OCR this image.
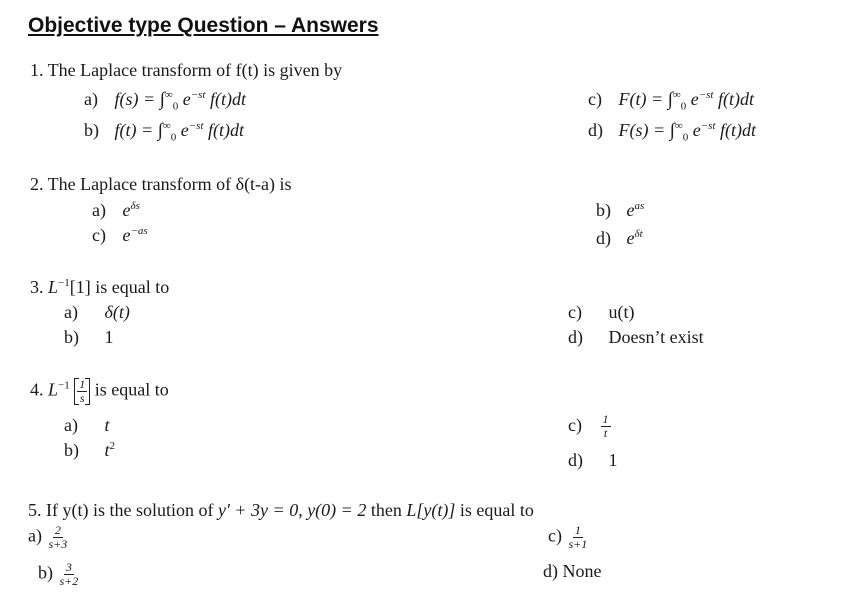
Objective type Question – Answers
1. The Laplace transform of f(t) is given by
a) $f(s) = \int^\infty_0$ $e^{-st}$ f(t)dt
b) $f(t) = \int^\infty_0$ $e^{-st}$ f(t)dt
c) $F(t) = \int^\infty_0$ $e^{-st}$ f(t)dt
d) $F(s) = \int^\infty_0$ $e^{-st}$ f(t)dt
2. The Laplace transform of δ(t-a) is
a) $e^{\delta s}$
c) $e^{-as}$
b) $e^{as}$
d) $e^{\delta t}$
3. $L^{-1}[1]$ is equal to
a) δ(t)
b) 1
c) u(t)
d) Doesn’t exist
4. $L^{-1} \frac{1}{s}$ is equal to
a) t
b) $t^2$
$c) \frac{1}{t}$
d) 1
5. If y(t) is the solution of y′ + 3y = 0, y(0) = 2 then L[y(t)] is equal to
$a) \frac{2}{s+3}$
$b) \frac{3}{s+2}$
$c) \frac{1}{s+1}$
d) None
